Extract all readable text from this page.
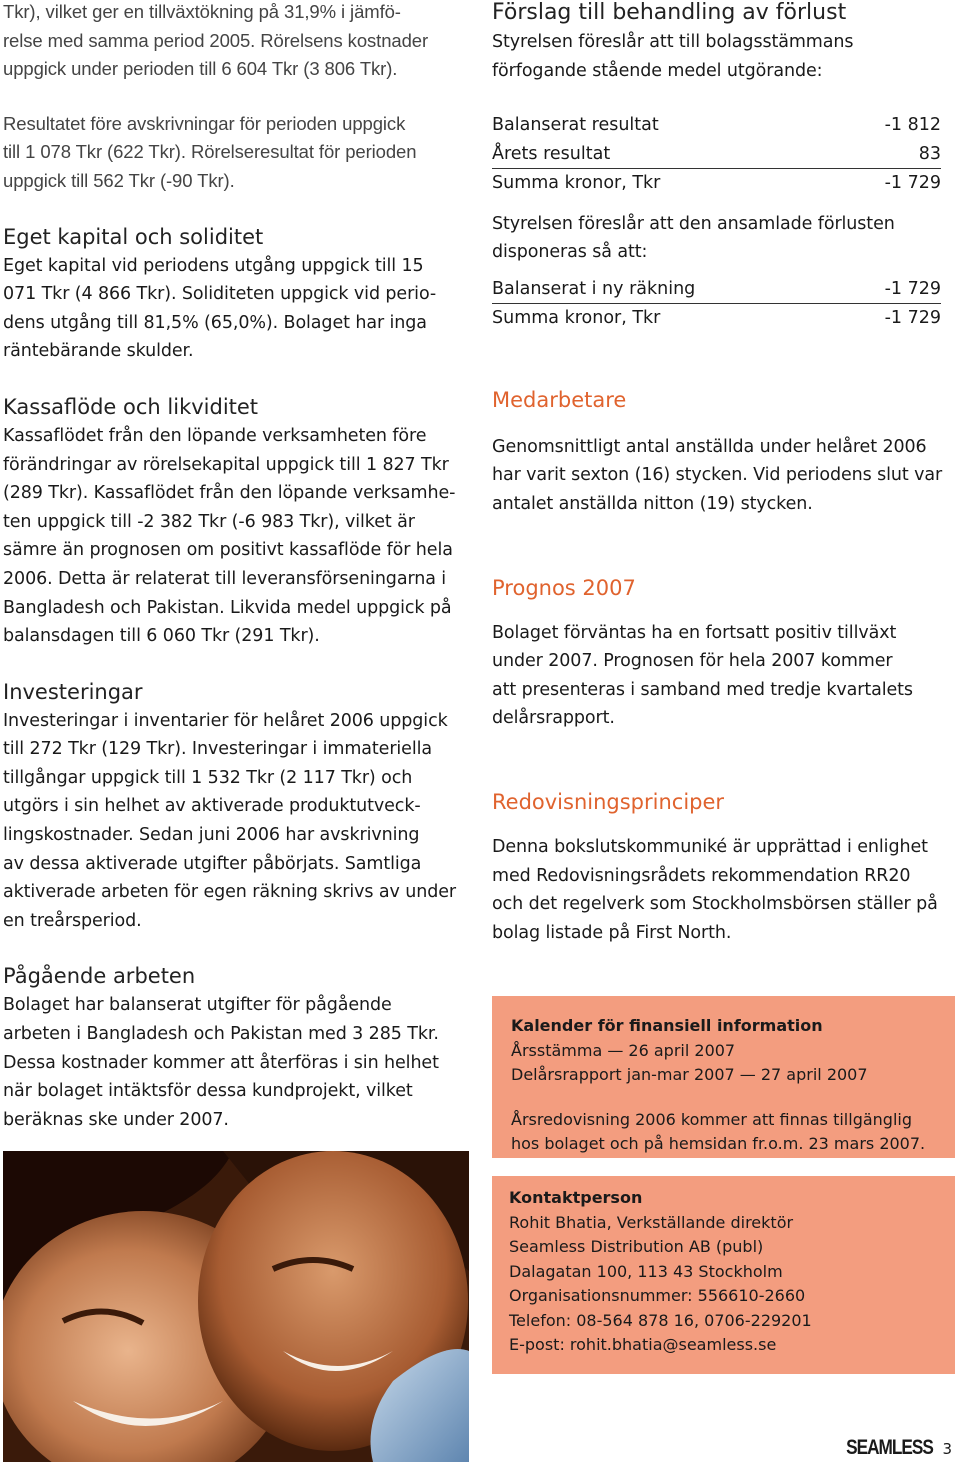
Tkr), vilket ger en tillväxtökning på 31,9% i jämfö-

relse med samma period 2005. Rörelsens kostnader

uppgick under perioden till 6 604 Tkr (3 806 Tkr).

Resultatet före avskrivningar för perioden uppgick

till 1 078 Tkr (622 Tkr). Rörelseresultat för perioden

uppgick till 562 Tkr (-90 Tkr).

Eget kapital och soliditet

Eget kapital vid periodens utgång uppgick till 15

071 Tkr (4 866 Tkr). Soliditeten uppgick vid perio-

dens utgång till 81,5% (65,0%). Bolaget har inga

räntebärande skulder.

Kassaflöde och likviditet

Kassaflödet från den löpande verksamheten före

förändringar av rörelsekapital uppgick till 1 827 Tkr

(289 Tkr). Kassaflödet från den löpande verksamhe-

ten uppgick till -2 382 Tkr (-6 983 Tkr), vilket är

sämre än prognosen om positivt kassaflöde för hela

2006. Detta är relaterat till leveransförseningarna i

Bangladesh och Pakistan. Likvida medel uppgick på

balansdagen till 6 060 Tkr (291 Tkr).

Investeringar

Investeringar i inventarier för helåret 2006 uppgick

till 272 Tkr (129 Tkr). Investeringar i immateriella

tillgångar uppgick till 1 532 Tkr (2 117 Tkr) och

utgörs i sin helhet av aktiverade produktutveck-

lingskostnader. Sedan juni 2006 har avskrivning

av dessa aktiverade utgifter påbörjats. Samtliga

aktiverade arbeten för egen räkning skrivs av under

en treårsperiod.

Pågående arbeten

Bolaget har balanserat utgifter för pågående

arbeten i Bangladesh och Pakistan med 3 285 Tkr.

Dessa kostnader kommer att återföras i sin helhet

när bolaget intäktsför dessa kundprojekt, vilket

beräknas ske under 2007.

Förslag till behandling av förlust

Styrelsen föreslår att till bolagsstämmans

förfogande stående medel utgörande:

Balanserat resultat	-1 812
Årets resultat	83
Summa kronor, Tkr	-1 729

Styrelsen föreslår att den ansamlade förlusten

disponeras så att:

Balanserat i ny räkning	-1 729
Summa kronor, Tkr	-1 729
Medarbetare

Genomsnittligt antal anställda under helåret 2006

har varit sexton (16) stycken. Vid periodens slut var

antalet anställda nitton (19) stycken.

Prognos 2007

Bolaget förväntas ha en fortsatt positiv tillväxt

under 2007. Prognosen för hela 2007 kommer

att presenteras i samband med tredje kvartalets

delårsrapport.

Redovisningsprinciper

Denna bokslutskommuniké är upprättad i enlighet

med Redovisningsrådets rekommendation RR20

och det regelverk som Stockholmsbörsen ställer på

bolag listade på First North.

Kalender för finansiell information
Årsstämma — 26 april 2007
Delårsrapport jan-mar 2007 — 27 april 2007
Årsredovisning 2006 kommer att finnas tillgänglig
hos bolaget och på hemsidan fr.o.m. 23 mars 2007.
Kontaktperson
Rohit Bhatia, Verkställande direktör
Seamless Distribution AB (publ)
Dalagatan 100, 113 43 Stockholm
Organisationsnummer: 556610-2660
Telefon: 08-564 878 16, 0706-229201
E-post: rohit.bhatia@seamless.se
SEAMLESS 3
